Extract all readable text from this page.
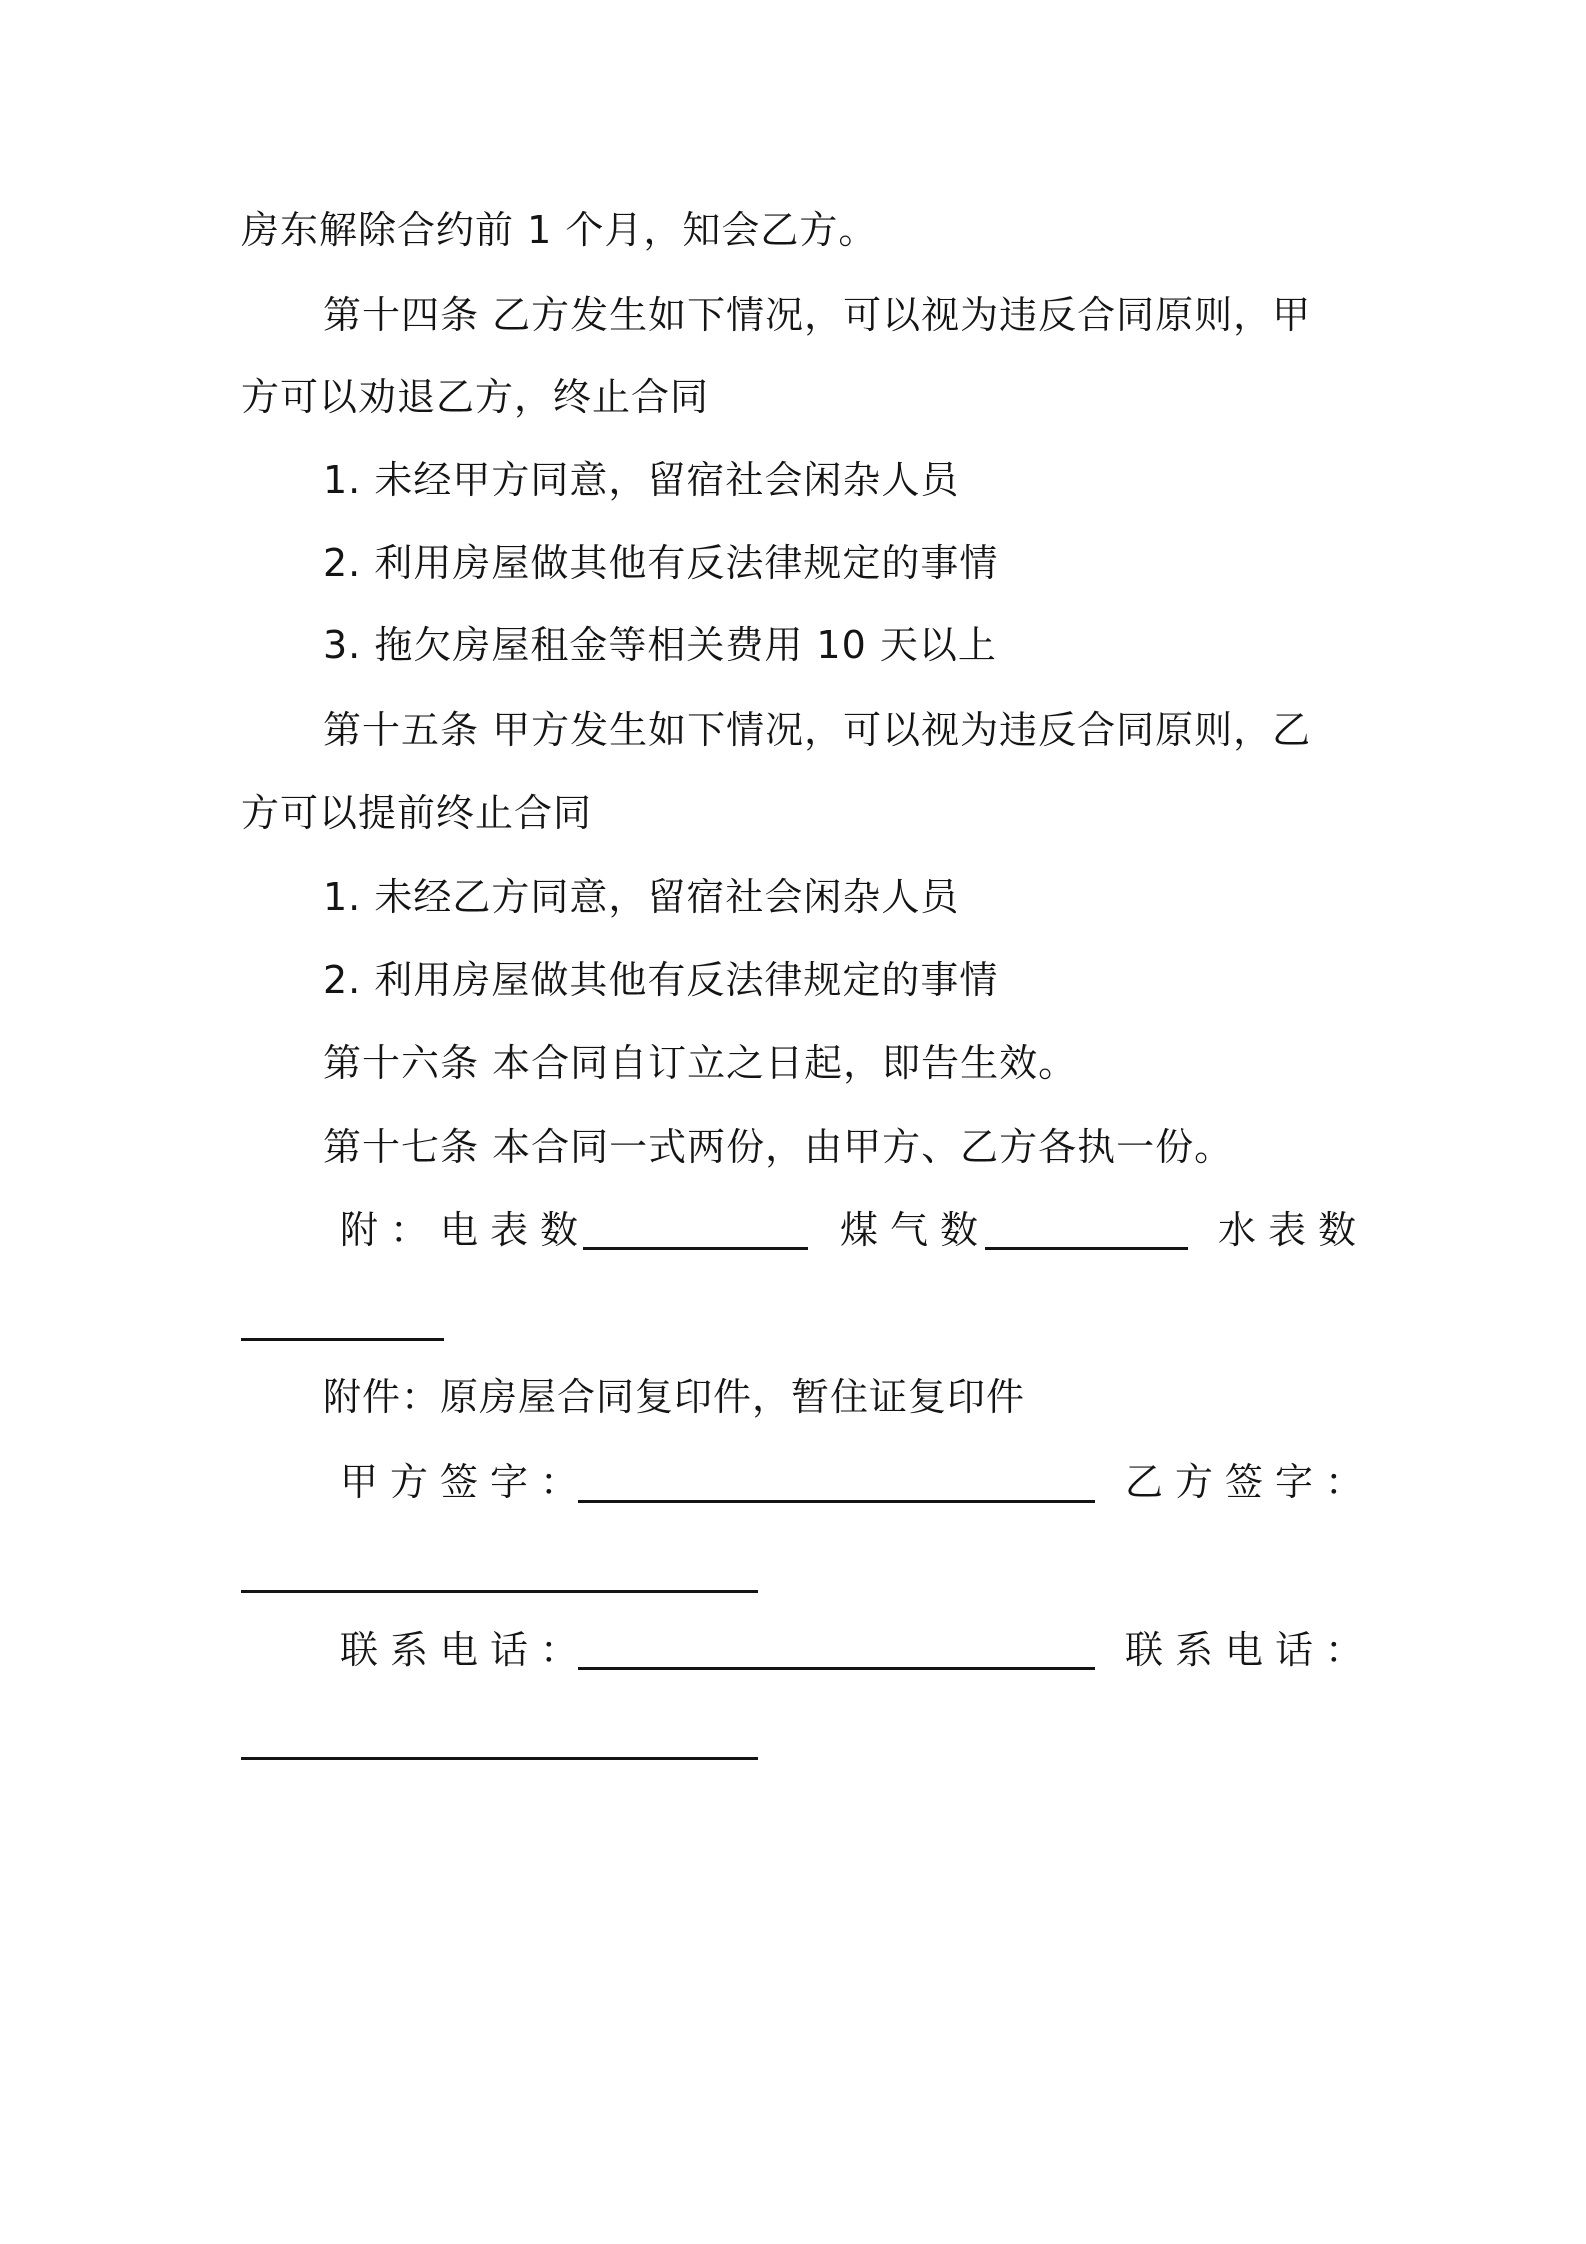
房东解除合约前 1 个月，知会乙方。
第十四条 乙方发生如下情况，可以视为违反合同原则，甲
方可以劝退乙方，终止合同
1. 未经甲方同意，留宿社会闲杂人员
2. 利用房屋做其他有反法律规定的事情
3. 拖欠房屋租金等相关费用 10 天以上
第十五条 甲方发生如下情况，可以视为违反合同原则，乙
方可以提前终止合同
1. 未经乙方同意，留宿社会闲杂人员
2. 利用房屋做其他有反法律规定的事情
第十六条 本合同自订立之日起，即告生效。
第十七条 本合同一式两份，由甲方、乙方各执一份。
附： 电表数	煤气数	水表数
附件：原房屋合同复印件，暂住证复印件
甲方签字：	乙方签字：
联系电话：	联系电话：
